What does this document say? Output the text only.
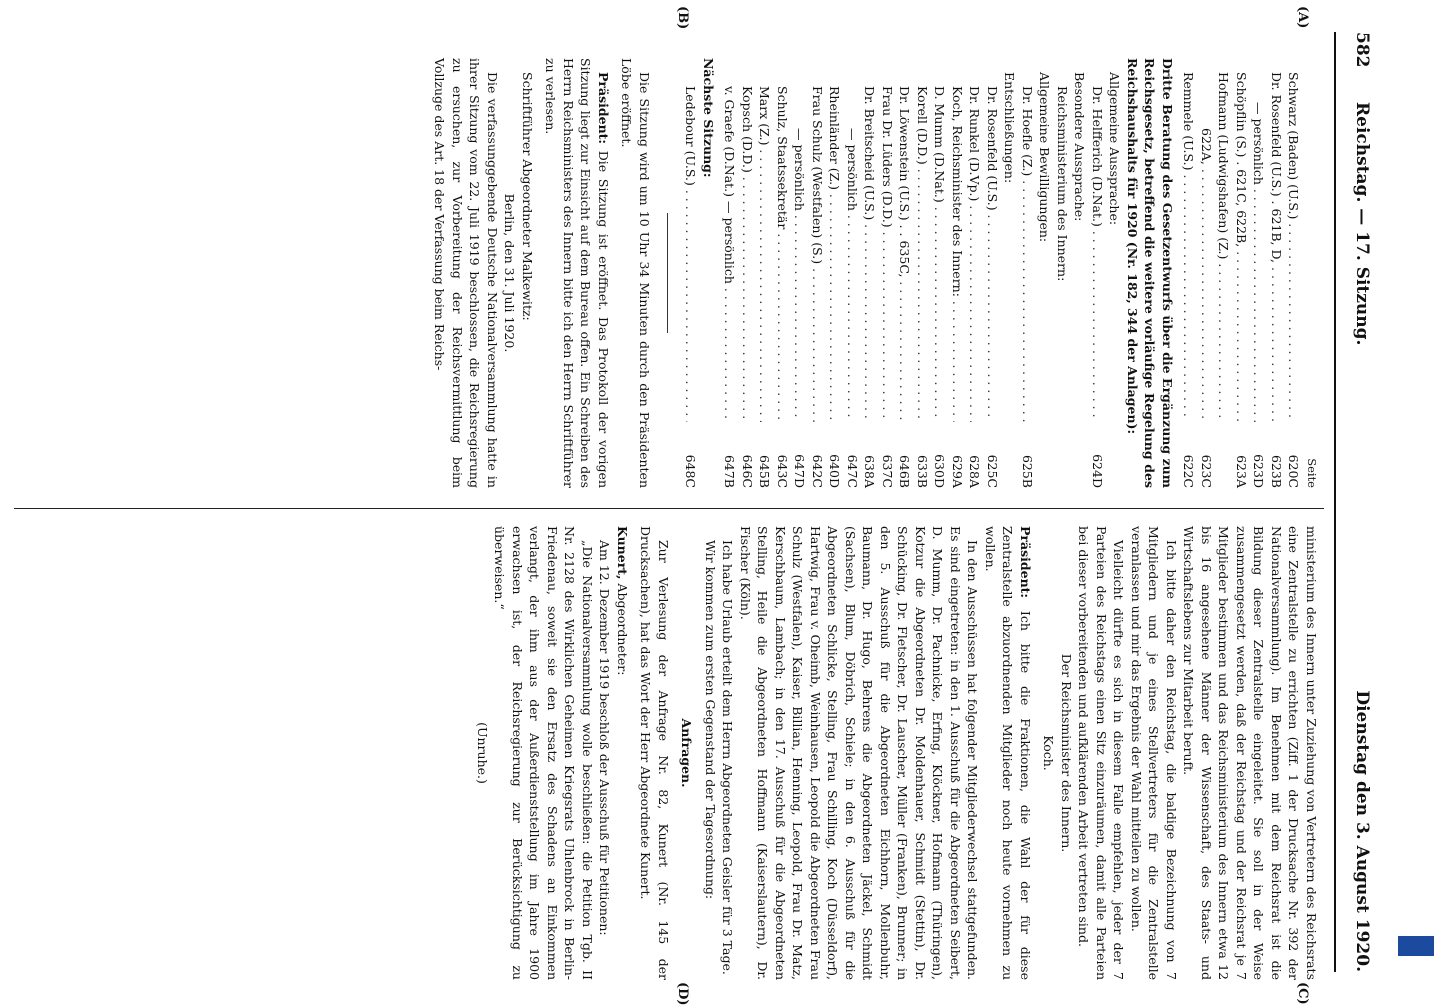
582
Reichstag. — 17. Sitzung.
Dienstag den 3. August 1920.
(A)
(B)
(C)
(D)
Seite
Schwarz (Baden) (U.S.) . . .
620C
Dr. Rosenfeld (U.S.) . 621B, D, . . .
623B
— persönlich . . .
623D
Schöpflin (S.) . 621C, 622B, . . .
623A
Hofmann (Ludwigshafen) (Z.) . . . .
622A, . . .
623C
Remmele (U.S.) . . .
622C

Dritte Beratung des Gesetzentwurfs über die Ergänzung zum Reichsgesetz, betreffend die weitere vorläufige Regelung des Reichshaushalts für 1920 (Nr. 182, 344 der Anlagen):

Allgemeine Aussprache:
Dr. Helfferich (D.Nat.) . . .
624D
Besondere Aussprache:
Reichsministerium des Innern:
Allgemeine Bewilligungen:
Dr. Hoefle (Z.) . . .
625B
Entschließungen:
Dr. Rosenfeld (U.S.) . . .
625C
Dr. Runkel (D.Vp.) . . .
628A
Koch, Reichsminister des Innern: . . .
629A
D. Mumm (D.Nat.) . . .
630D
Korell (D.D.) . . .
633B
Dr. Löwenstein (U.S.) . . 635C, . . .
646B
Frau Dr. Lüders (D.D.) . . .
637C
Dr. Breitscheid (U.S.) . . .
638A
— persönlich . . .
647C
Rheinländer (Z.) . . .
640D
Frau Schulz (Westfalen) (S.) . . .
642C
— persönlich . . .
647D
Schulz, Staatssekretär . . .
643C
Marx (Z.) . . .
645B
Kopsch (D.D.) . . .
646C
v. Graefe (D.Nat.) — persönlich . . .
647B
Nächste Sitzung:
Ledebour (U.S.) . . .
648C

Die Sitzung wird um 10 Uhr 34 Minuten durch den Präsidenten Löbe eröffnet.

Präsident: Die Sitzung ist eröffnet. Das Protokoll der vorigen Sitzung liegt zur Einsicht auf dem Bureau offen. Ein Schreiben des Herrn Reichsministers des Innern bitte ich den Herrn Schriftführer zu verlesen.

Schriftführer Abgeordneter Malkewitz:

Berlin, den 31. Juli 1920.

Die verfassunggebende Deutsche Nationalversammlung hatte in ihrer Sitzung vom 22. Juli 1919 beschlossen, die Reichsregierung zu ersuchen, zur Vorbereitung der Reichsvermittlung beim Vollzuge des Art. 18 der Verfassung beim Reichs-

ministerium des Innern unter Zuziehung von Vertretern des Reichsrats eine Zentralstelle zu errichten (Ziff. 1 der Drucksache Nr. 392 der Nationalversammlung). Im Benehmen mit dem Reichsrat ist die Bildung dieser Zentralstelle eingeleitet. Sie soll in der Weise zusammengesetzt werden, daß der Reichstag und der Reichsrat je 7 Mitglieder bestimmen und das Reichsministerium des Innern etwa 12 bis 16 angesehene Männer der Wissenschaft, des Staats- und Wirtschaftslebens zur Mitarbeit beruft.

Ich bitte daher den Reichstag, die baldige Bezeichnung von 7 Mitgliedern und je eines Stellvertreters für die Zentralstelle veranlassen und mir das Ergebnis der Wahl mitteilen zu wollen.

Vielleicht dürfte es sich in diesem Falle empfehlen, jeder der 7 Parteien des Reichstags einen Sitz einzuräumen, damit alle Parteien bei dieser vorbereitenden und aufklärenden Arbeit vertreten sind.

Der Reichsminister des Innern.

Koch.

Präsident: Ich bitte die Fraktionen, die Wahl der für diese Zentralstelle abzuordnenden Mitglieder noch heute vornehmen zu wollen.

In den Ausschüssen hat folgender Mitgliederwechsel stattgefunden. Es sind eingetreten: in den 1. Ausschuß für die Abgeordneten Seibert, D. Mumm, Dr. Pachnicke, Erfing, Klöckner, Hofmann (Thüringen), Kotzur die Abgeordneten Dr. Moldenhauer, Schmidt (Stettin), Dr. Schücking, Dr. Fletscher, Dr. Lauscher, Müller (Franken), Brunner; in den 5. Ausschuß für die Abgeordneten Eichhorn, Mollenbuhr, Baumann, Dr. Hugo, Behrens die Abgeordneten Jäckel, Schmidt (Sachsen), Blum, Döbrich, Schiele; in den 6. Ausschuß für die Abgeordneten Schlicke, Stelling, Frau Schilling, Koch (Düsseldorf), Hartwig, Frau v. Oheimb, Weinhausen, Leopold die Abgeordneten Frau Schulz (Westfalen), Kaiser, Billian, Henning, Leopold, Frau Dr. Matz, Kerschbaum, Lambach; in den 17. Ausschuß für die Abgeordneten Stelling, Heile die Abgeordneten Hoffmann (Kaiserslautern), Dr. Fischer (Köln).

Ich habe Urlaub erteilt dem Herrn Abgeordneten Geisler für 3 Tage.

Wir kommen zum ersten Gegenstand der Tagesordnung:

Anfragen.

Zur Verlesung der Anfrage Nr. 82, Kunert (Nr. 145 der Drucksachen), hat das Wort der Herr Abgeordnete Kunert.

Kunert, Abgeordneter:

Am 12. Dezember 1919 beschloß der Ausschuß für Petitionen:

„Die Nationalversammlung wolle beschließen: die Petition Tgb. II Nr. 2128 des Wirklichen Geheimen Kriegsrats Uhlenbrock in Berlin-Friedenau, soweit sie den Ersatz des Schadens an Einkommen verlangt, der ihm aus der Außerdienststellung im Jahre 1900 erwachsen ist, der Reichsregierung zur Berücksichtigung zu überweisen.“

(Unruhe.)
